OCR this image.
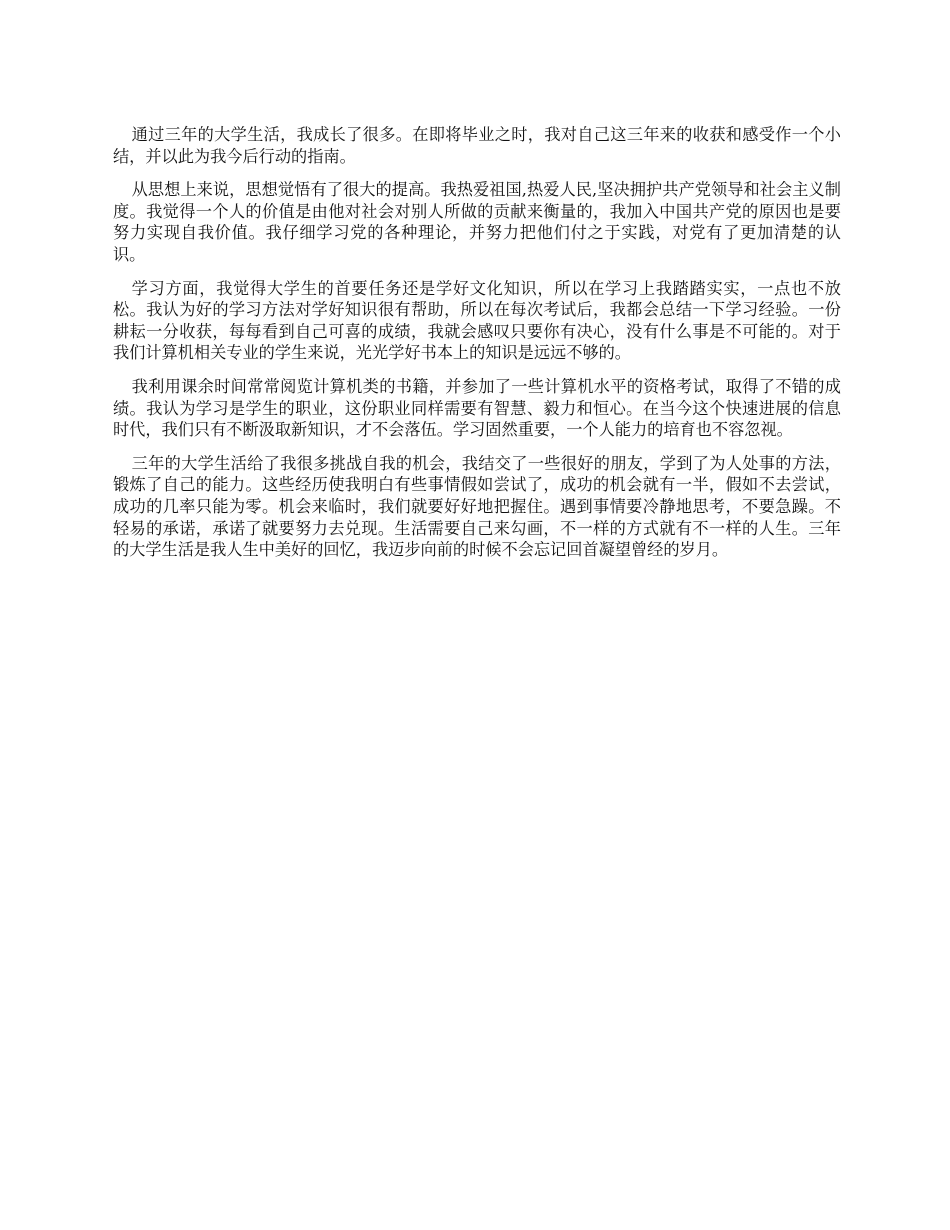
通过三年的大学生活，我成长了很多。在即将毕业之时，我对自己这三年来的收获和感受作一个小结，并以此为我今后行动的指南。

从思想上来说，思想觉悟有了很大的提高。我热爱祖国,热爱人民,坚决拥护共产党领导和社会主义制度。我觉得一个人的价值是由他对社会对别人所做的贡献来衡量的，我加入中国共产党的原因也是要努力实现自我价值。我仔细学习党的各种理论，并努力把他们付之于实践，对党有了更加清楚的认识。

学习方面，我觉得大学生的首要任务还是学好文化知识，所以在学习上我踏踏实实，一点也不放松。我认为好的学习方法对学好知识很有帮助，所以在每次考试后，我都会总结一下学习经验。一份耕耘一分收获，每每看到自己可喜的成绩，我就会感叹只要你有决心，没有什么事是不可能的。对于我们计算机相关专业的学生来说，光光学好书本上的知识是远远不够的。

我利用课余时间常常阅览计算机类的书籍，并参加了一些计算机水平的资格考试，取得了不错的成绩。我认为学习是学生的职业，这份职业同样需要有智慧、毅力和恒心。在当今这个快速进展的信息时代，我们只有不断汲取新知识，才不会落伍。学习固然重要，一个人能力的培育也不容忽视。

三年的大学生活给了我很多挑战自我的机会，我结交了一些很好的朋友，学到了为人处事的方法，锻炼了自己的能力。这些经历使我明白有些事情假如尝试了，成功的机会就有一半，假如不去尝试，成功的几率只能为零。机会来临时，我们就要好好地把握住。遇到事情要冷静地思考，不要急躁。不轻易的承诺，承诺了就要努力去兑现。生活需要自己来勾画，不一样的方式就有不一样的人生。三年的大学生活是我人生中美好的回忆，我迈步向前的时候不会忘记回首凝望曾经的岁月。
